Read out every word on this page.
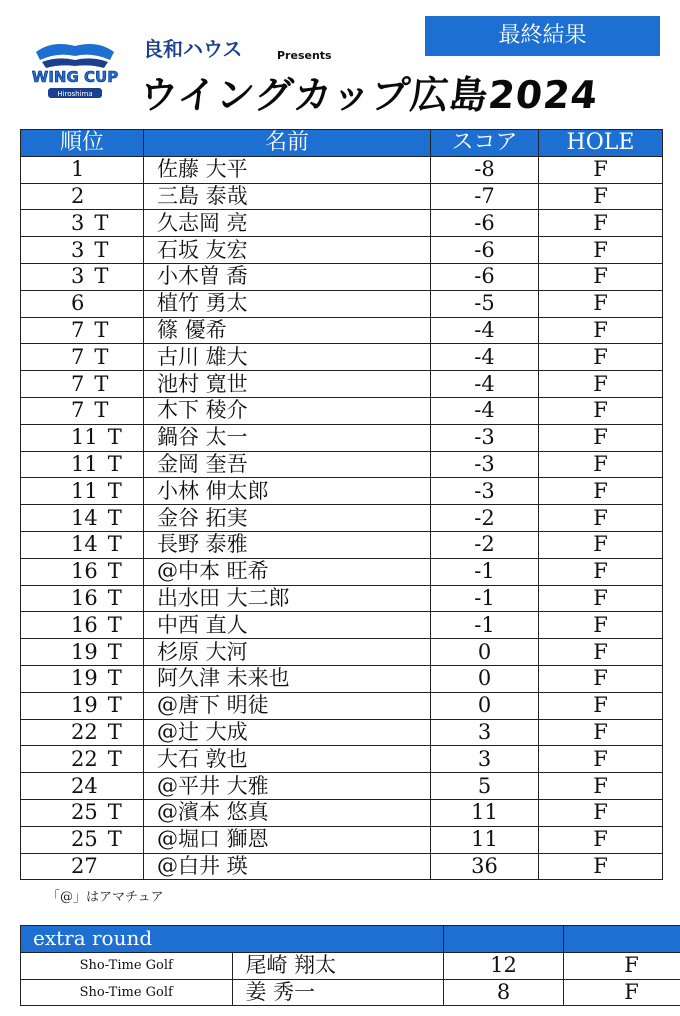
WING CUP
Hiroshima
良和ハウス	Presents
ウイングカップ広島2024
最終結果
順位	名前	スコア	HOLE
1	佐藤 大平	-8	F
2	三島 泰哉	-7	F
3 T	久志岡 亮	-6	F
3 T	石坂 友宏	-6	F
3 T	小木曽 喬	-6	F
6	植竹 勇太	-5	F
7 T	篠 優希	-4	F
7 T	古川 雄大	-4	F
7 T	池村 寛世	-4	F
7 T	木下 稜介	-4	F
11 T	鍋谷 太一	-3	F
11 T	金岡 奎吾	-3	F
11 T	小林 伸太郎	-3	F
14 T	金谷 拓実	-2	F
14 T	長野 泰雅	-2	F
16 T	@中本 旺希	-1	F
16 T	出水田 大二郎	-1	F
16 T	中西 直人	-1	F
19 T	杉原 大河	0	F
19 T	阿久津 未来也	0	F
19 T	@唐下 明徒	0	F
22 T	@辻 大成	3	F
22 T	大石 敦也	3	F
24	@平井 大雅	5	F
25 T	@濱本 悠真	11	F
25 T	@堀口 獅恩	11	F
27	@白井 瑛	36	F
「@」はアマチュア
extra round			
Sho-Time Golf	尾崎 翔太	12	F
Sho-Time Golf	姜 秀一	8	F
